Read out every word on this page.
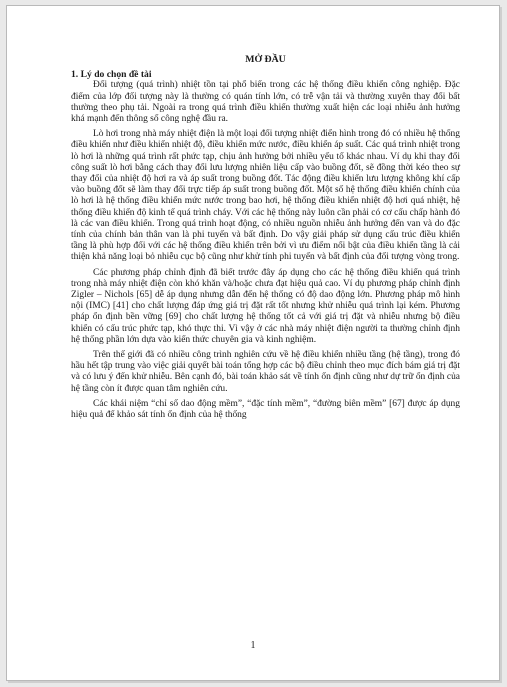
MỞ ĐẦU
1. Lý do chọn đề tài

Đối tượng (quá trình) nhiệt tồn tại phổ biến trong các hệ thống điều khiển công nghiệp. Đặc điểm của lớp đối tượng này là thường có quán tính lớn, có trễ vận tải và thường xuyên thay đổi bất thường theo phụ tải. Ngoài ra trong quá trình điều khiển thường xuất hiện các loại nhiễu ảnh hưởng khá mạnh đến thông số công nghệ đầu ra.

Lò hơi trong nhà máy nhiệt điện là một loại đối tượng nhiệt điển hình trong đó có nhiều hệ thống điều khiển như điều khiển nhiệt độ, điều khiển mức nước, điều khiển áp suất. Các quá trình nhiệt trong lò hơi là những quá trình rất phức tạp, chịu ảnh hưởng bởi nhiều yếu tố khác nhau. Ví dụ khi thay đổi công suất lò hơi bằng cách thay đổi lưu lượng nhiên liệu cấp vào buồng đốt, sẽ đồng thời kéo theo sự thay đổi của nhiệt độ hơi ra và áp suất trong buồng đốt. Tác động điều khiển lưu lượng không khí cấp vào buồng đốt sẽ làm thay đổi trực tiếp áp suất trong buồng đốt. Một số hệ thống điều khiển chính của lò hơi là hệ thống điều khiển mức nước trong bao hơi, hệ thống điều khiển nhiệt độ hơi quá nhiệt, hệ thống điều khiển độ kinh tế quá trình cháy. Với các hệ thống này luôn cần phải có cơ cấu chấp hành đó là các van điều khiển. Trong quá trình hoạt động, có nhiều nguồn nhiễu ảnh hưởng đến van và do đặc tính của chính bản thân van là phi tuyến và bất định. Do vậy giải pháp sử dụng cấu trúc điều khiển tầng là phù hợp đối với các hệ thống điều khiển trên bởi vì ưu điểm nổi bật của điều khiển tầng là cải thiện khả năng loại bỏ nhiễu cục bộ cũng như khử tính phi tuyến và bất định của đối tượng vòng trong.

Các phương pháp chỉnh định đã biết trước đây áp dụng cho các hệ thống điều khiển quá trình trong nhà máy nhiệt điện còn khó khăn và/hoặc chưa đạt hiệu quả cao. Ví dụ phương pháp chỉnh định Zigler – Nichols [65] dễ áp dụng nhưng dẫn đến hệ thống có độ dao động lớn. Phương pháp mô hình nội (IMC) [41] cho chất lượng đáp ứng giá trị đặt rất tốt nhưng khử nhiễu quá trình lại kém. Phương pháp ổn định bền vững [69] cho chất lượng hệ thống tốt cả với giá trị đặt và nhiễu nhưng bộ điều khiển có cấu trúc phức tạp, khó thực thi. Vì vậy ở các nhà máy nhiệt điện người ta thường chỉnh định hệ thống phần lớn dựa vào kiến thức chuyên gia và kinh nghiệm.

Trên thế giới đã có nhiều công trình nghiên cứu về hệ điều khiển nhiều tầng (hệ tầng), trong đó hầu hết tập trung vào việc giải quyết bài toán tổng hợp các bộ điều chỉnh theo mục đích bám giá trị đặt và có lưu ý đến khử nhiễu. Bên cạnh đó, bài toán khảo sát về tính ổn định cũng như dự trữ ổn định của hệ tầng còn ít được quan tâm nghiên cứu.

Các khái niệm “chỉ số dao động mềm”, “đặc tính mềm”, “đường biên mềm” [67] được áp dụng hiệu quả để khảo sát tính ổn định của hệ thống

1
